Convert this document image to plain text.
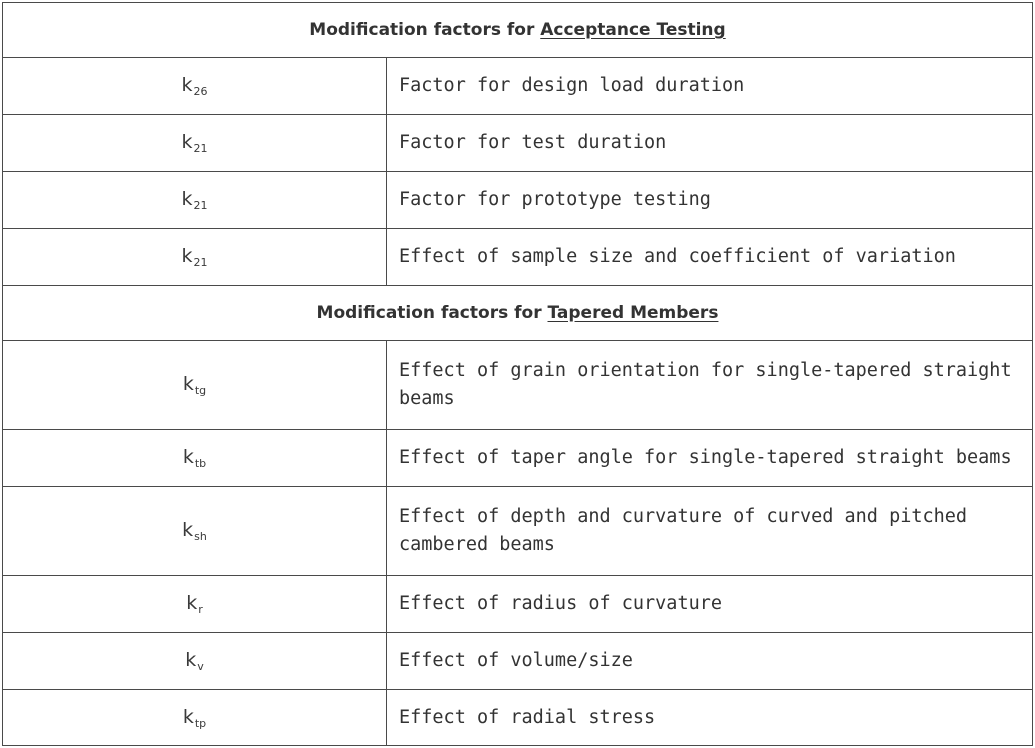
Modification factors for Acceptance Testing	
$k_{26}$	Factor for design load duration
$k_{21}$	Factor for test duration
$k_{21}$	Factor for prototype testing
$k_{21}$	Effect of sample size and coefficient of variation
Modification factors for Tapered Members	
$k_{tg}$	Effect of grain orientation for single-tapered straight beams
$k_{tb}$	Effect of taper angle for single-tapered straight beams
$k_{sh}$	Effect of depth and curvature of curved and pitched cambered beams
$k_r$	Effect of radius of curvature
$k_v$	Effect of volume/size
$k_{tp}$	Effect of radial stress
